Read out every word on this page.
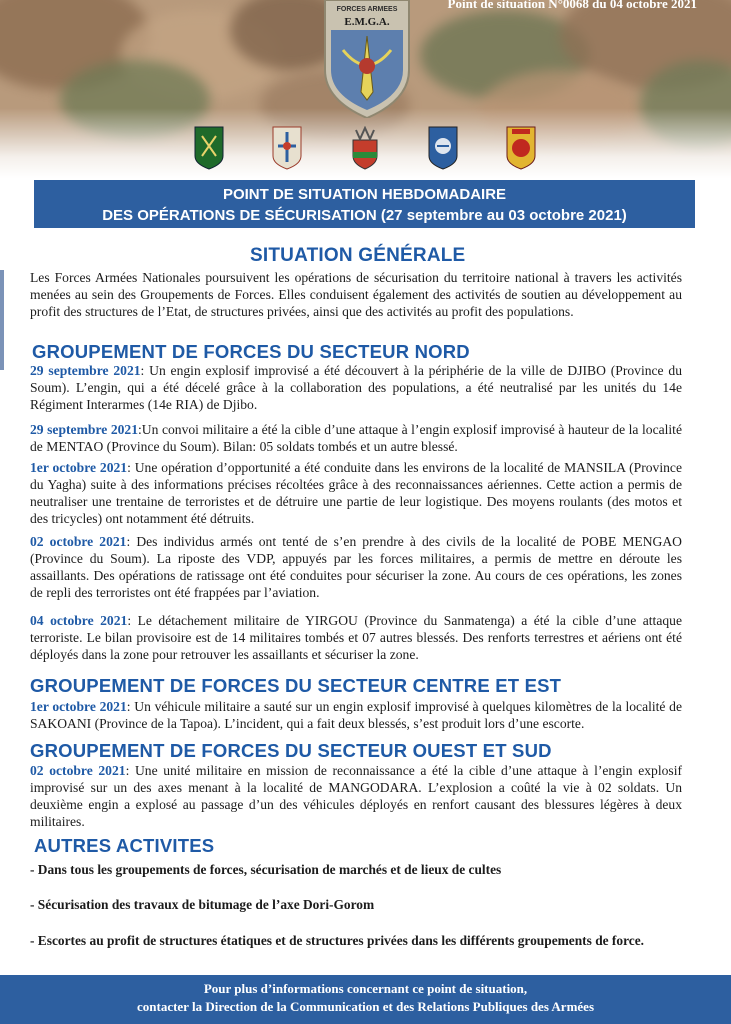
Point de situation N°0068 du 04 octobre 2021
FORCES ARMEES
E.M.G.A.
POINT DE SITUATION HEBDOMADAIRE
DES OPÉRATIONS DE SÉCURISATION (27 septembre au 03 octobre 2021)
SITUATION GÉNÉRALE
Les Forces Armées Nationales poursuivent les opérations de sécurisation du territoire national à travers les activités menées au sein des Groupements de Forces. Elles conduisent également des activités de soutien au développement au profit des structures de l’Etat, de structures privées, ainsi que des activités au profit des populations.
GROUPEMENT DE FORCES DU SECTEUR NORD
29 septembre 2021: Un engin explosif improvisé a été découvert à la périphérie de la ville de DJIBO (Province du Soum). L’engin, qui a été décelé grâce à la collaboration des populations, a été neutralisé par les unités du 14e Régiment Interarmes (14e RIA) de Djibo.
29 septembre 2021:Un convoi militaire a été la cible d’une attaque à l’engin explosif improvisé à hauteur de la localité de MENTAO (Province du Soum). Bilan: 05 soldats tombés et un autre blessé.
1er octobre 2021: Une opération d’opportunité a été conduite dans les environs de la localité de MANSILA (Province du Yagha) suite à des informations précises récoltées grâce à des reconnaissances aériennes. Cette action a permis de neutraliser une trentaine de terroristes et de détruire une partie de leur logistique. Des moyens roulants (des motos et des tricycles) ont notamment été détruits.
02 octobre 2021: Des individus armés ont tenté de s’en prendre à des civils de la localité de POBE MENGAO (Province du Soum). La riposte des VDP, appuyés par les forces militaires, a permis de mettre en déroute les assaillants. Des opérations de ratissage ont été conduites pour sécuriser la zone. Au cours de ces opérations, les zones de repli des terroristes ont été frappées par l’aviation.
04 octobre 2021: Le détachement militaire de YIRGOU (Province du Sanmatenga) a été la cible d’une attaque terroriste. Le bilan provisoire est de 14 militaires tombés et 07 autres blessés. Des renforts terrestres et aériens ont été déployés dans la zone pour retrouver les assaillants et sécuriser la zone.
GROUPEMENT DE FORCES DU SECTEUR CENTRE ET EST
1er octobre 2021: Un véhicule militaire a sauté sur un engin explosif improvisé à quelques kilomètres de la localité de SAKOANI (Province de la Tapoa). L’incident, qui a fait deux blessés, s’est produit lors d’une escorte.
GROUPEMENT DE FORCES DU SECTEUR OUEST ET SUD
02 octobre 2021: Une unité militaire en mission de reconnaissance a été la cible d’une attaque à l’engin explosif improvisé sur un des axes menant à la localité de MANGODARA. L’explosion a coûté la vie à 02 soldats. Un deuxième engin a explosé au passage d’un des véhicules déployés en renfort causant des blessures légères à deux militaires.
AUTRES ACTIVITES
- Dans tous les groupements de forces, sécurisation de marchés et de lieux de cultes
- Sécurisation des travaux de bitumage de l’axe Dori-Gorom
- Escortes au profit de structures étatiques et de structures privées dans les différents groupements de force.
Pour plus d’informations concernant ce point de situation,
contacter la Direction de la Communication et des Relations Publiques des Armées
